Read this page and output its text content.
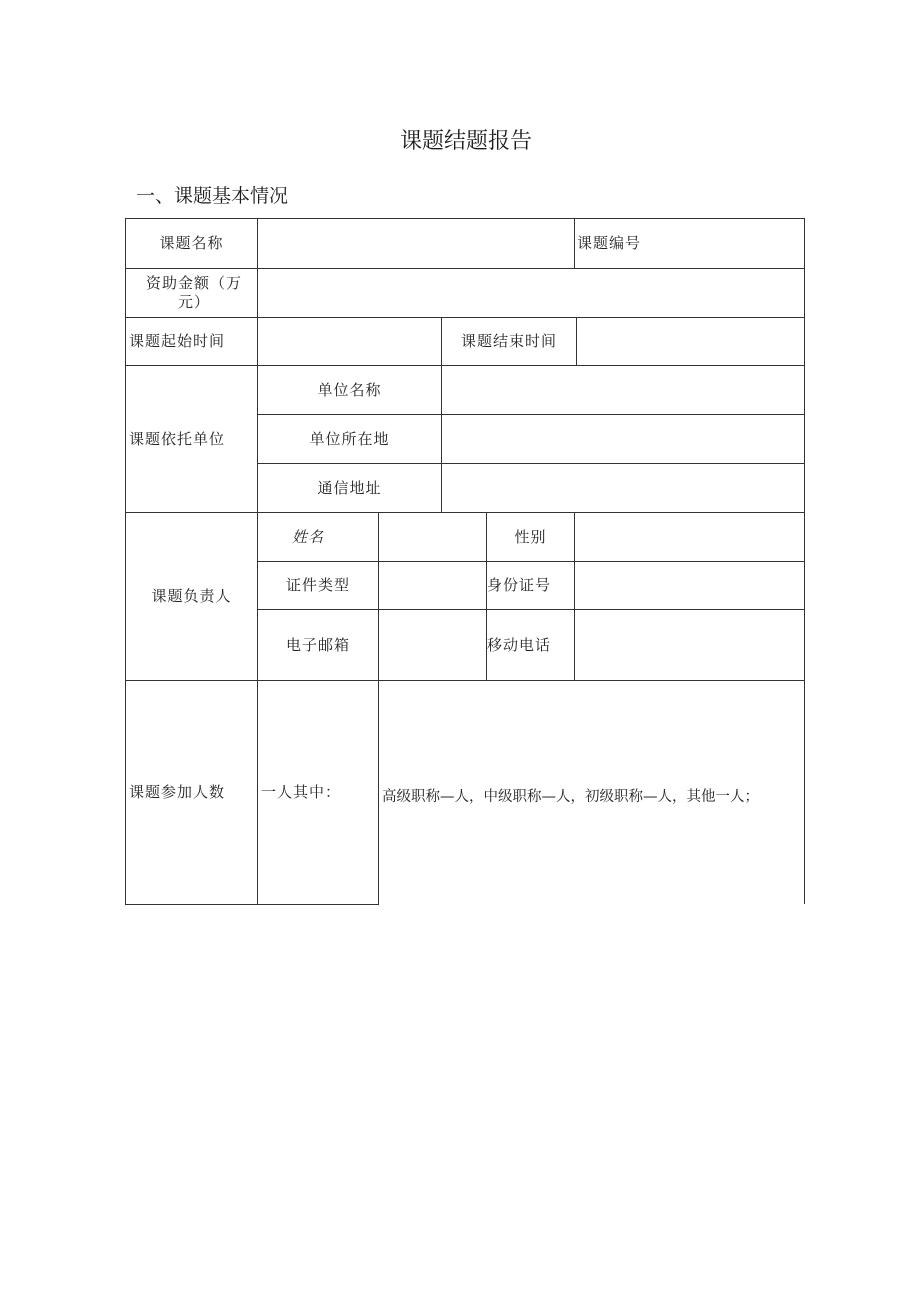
课题结题报告
一、课题基本情况
课题名称	课题编号
资助金额（万元）
课题起始时间	课题结束时间
课题依托单位
单位名称
单位所在地
通信地址
课题负责人
姓名	性别
证件类型	身份证号
电子邮箱	移动电话
课题参加人数	一人其中：	高级职称—人，中级职称—人，初级职称—人，其他一人；
